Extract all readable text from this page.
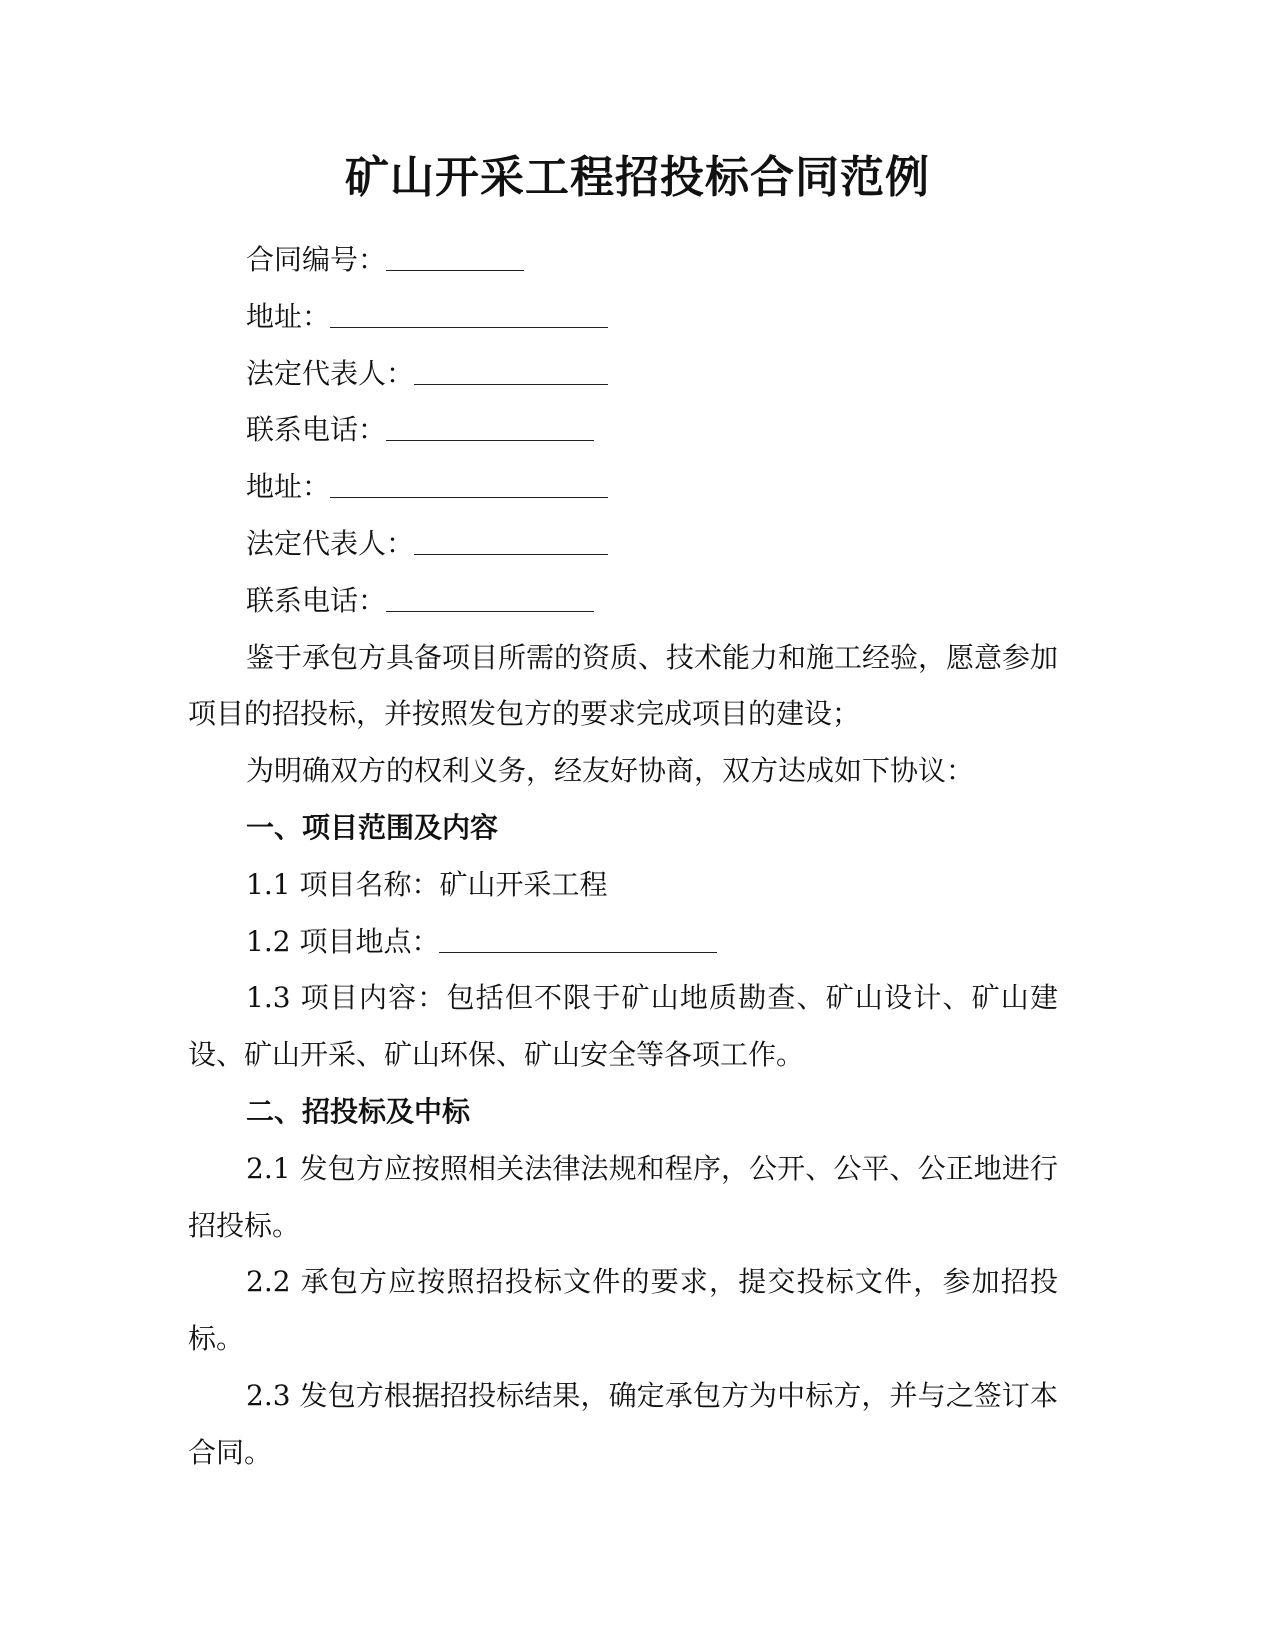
矿山开采工程招投标合同范例

合同编号：

地址：

法定代表人：

联系电话：

地址：

法定代表人：

联系电话：

鉴于承包方具备项目所需的资质、技术能力和施工经验，愿意参加项目的招投标，并按照发包方的要求完成项目的建设；

为明确双方的权利义务，经友好协商，双方达成如下协议：

一、项目范围及内容

1.1 项目名称：矿山开采工程

1.2 项目地点：

1.3 项目内容：包括但不限于矿山地质勘查、矿山设计、矿山建设、矿山开采、矿山环保、矿山安全等各项工作。

二、招投标及中标

2.1 发包方应按照相关法律法规和程序，公开、公平、公正地进行招投标。

2.2 承包方应按照招投标文件的要求，提交投标文件，参加招投标。

2.3 发包方根据招投标结果，确定承包方为中标方，并与之签订本合同。
